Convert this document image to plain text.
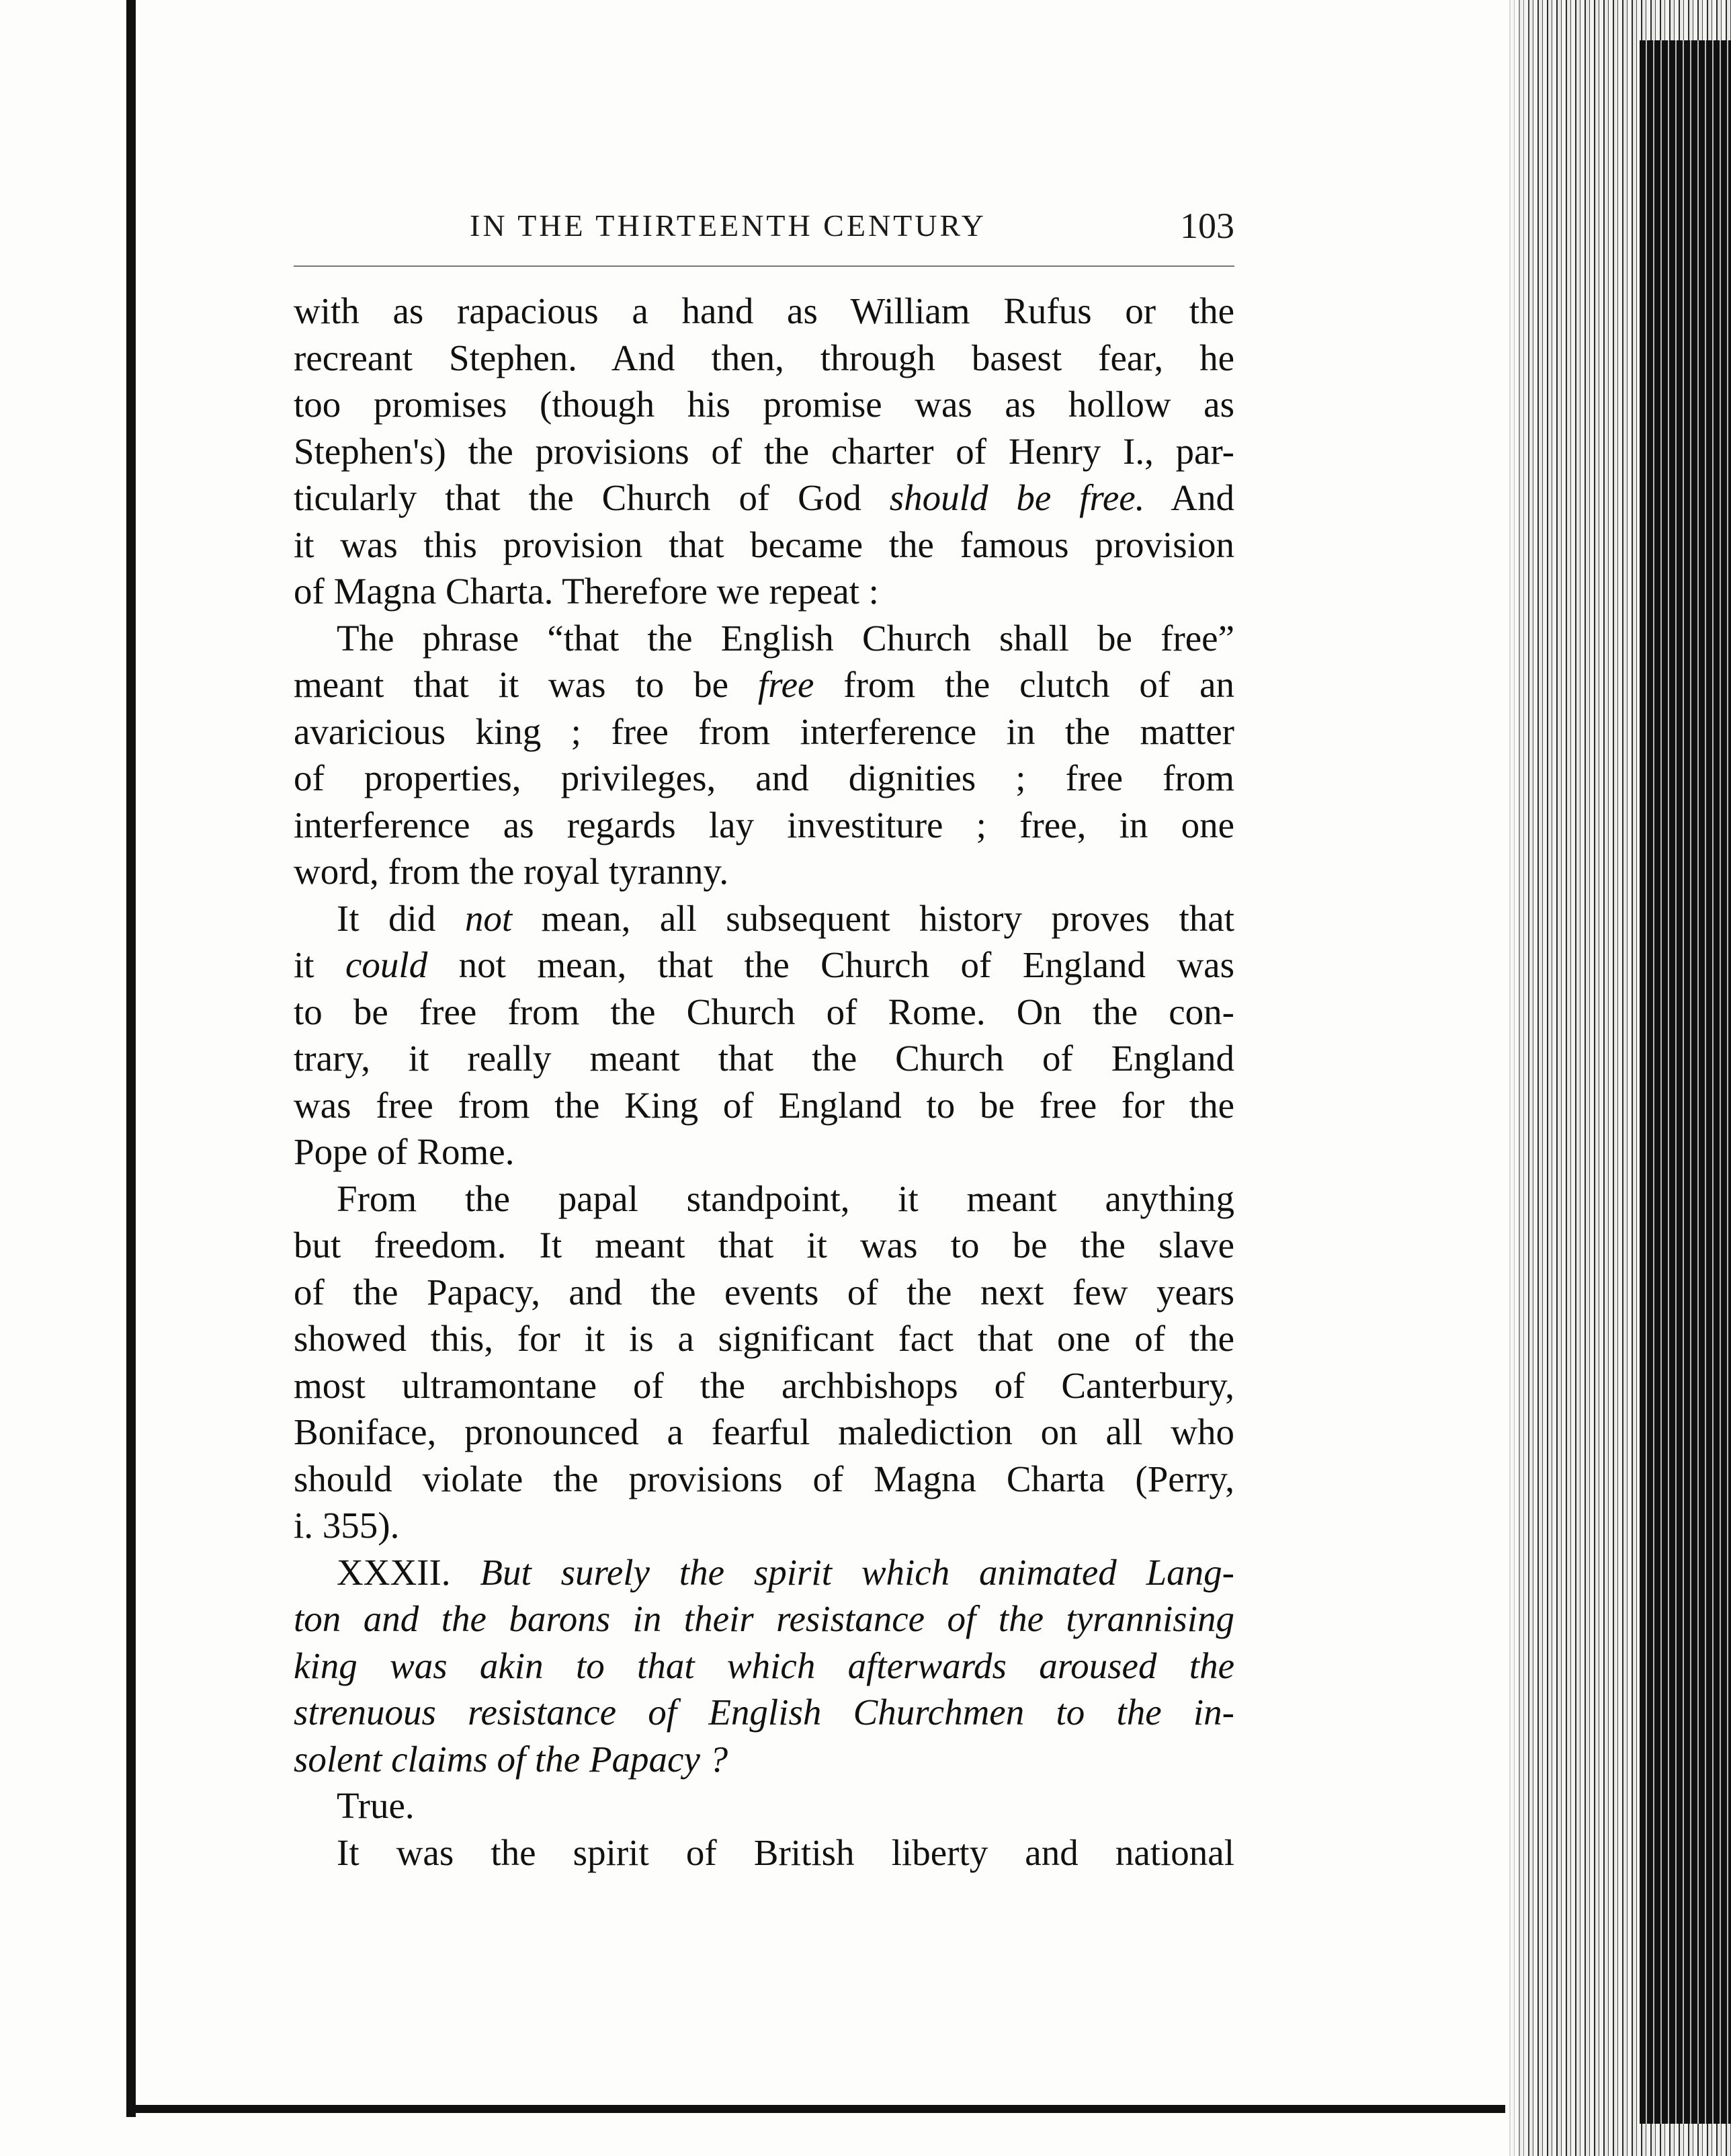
IN THE THIRTEENTH CENTURY	103

with as rapacious a hand as William Rufus or the

recreant Stephen. And then, through basest fear, he

too promises (though his promise was as hollow as

Stephen's) the provisions of the charter of Henry I., par-

ticularly that the Church of God should be free. And

it was this provision that became the famous provision

of Magna Charta. Therefore we repeat :

The phrase “that the English Church shall be free”

meant that it was to be free from the clutch of an

avaricious king ; free from interference in the matter

of properties, privileges, and dignities ; free from

interference as regards lay investiture ; free, in one

word, from the royal tyranny.

It did not mean, all subsequent history proves that

it could not mean, that the Church of England was

to be free from the Church of Rome. On the con-

trary, it really meant that the Church of England

was free from the King of England to be free for the

Pope of Rome.

From the papal standpoint, it meant anything

but freedom. It meant that it was to be the slave

of the Papacy, and the events of the next few years

showed this, for it is a significant fact that one of the

most ultramontane of the archbishops of Canterbury,

Boniface, pronounced a fearful malediction on all who

should violate the provisions of Magna Charta (Perry,

i. 355).

XXXII. But surely the spirit which animated Lang-

ton and the barons in their resistance of the tyrannising

king was akin to that which afterwards aroused the

strenuous resistance of English Churchmen to the in-

solent claims of the Papacy ?

True.

It was the spirit of British liberty and national
